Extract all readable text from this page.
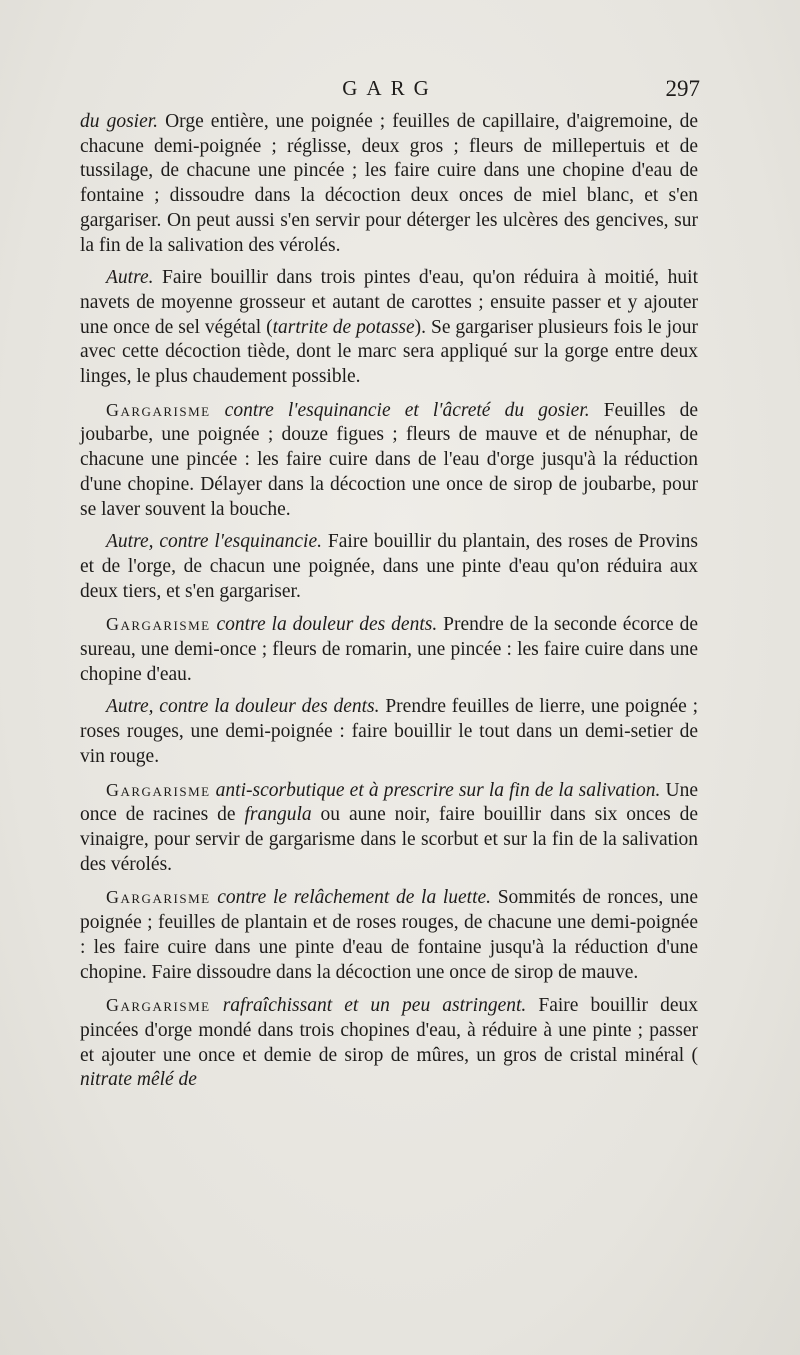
GARG	297

du gosier. Orge entière, une poignée ; feuilles de capillaire, d'aigremoine, de chacune demi-poignée ; réglisse, deux gros ; fleurs de millepertuis et de tussilage, de chacune une pincée ; les faire cuire dans une chopine d'eau de fontaine ; dissoudre dans la décoction deux onces de miel blanc, et s'en gargariser. On peut aussi s'en servir pour déterger les ulcères des gencives, sur la fin de la salivation des vérolés.

Autre. Faire bouillir dans trois pintes d'eau, qu'on réduira à moitié, huit navets de moyenne grosseur et autant de carottes ; ensuite passer et y ajouter une once de sel végétal (tartrite de potasse). Se gargariser plusieurs fois le jour avec cette décoction tiède, dont le marc sera appliqué sur la gorge entre deux linges, le plus chaudement possible.

Gargarisme contre l'esquinancie et l'âcreté du gosier. Feuilles de joubarbe, une poignée ; douze figues ; fleurs de mauve et de nénuphar, de chacune une pincée : les faire cuire dans de l'eau d'orge jusqu'à la réduction d'une chopine. Délayer dans la décoction une once de sirop de joubarbe, pour se laver souvent la bouche.

Autre, contre l'esquinancie. Faire bouillir du plantain, des roses de Provins et de l'orge, de chacun une poignée, dans une pinte d'eau qu'on réduira aux deux tiers, et s'en gargariser.

Gargarisme contre la douleur des dents. Prendre de la seconde écorce de sureau, une demi-once ; fleurs de romarin, une pincée : les faire cuire dans une chopine d'eau.

Autre, contre la douleur des dents. Prendre feuilles de lierre, une poignée ; roses rouges, une demi-poignée : faire bouillir le tout dans un demi-setier de vin rouge.

Gargarisme anti-scorbutique et à prescrire sur la fin de la salivation. Une once de racines de frangula ou aune noir, faire bouillir dans six onces de vinaigre, pour servir de gargarisme dans le scorbut et sur la fin de la salivation des vérolés.

Gargarisme contre le relâchement de la luette. Sommités de ronces, une poignée ; feuilles de plantain et de roses rouges, de chacune une demi-poignée : les faire cuire dans une pinte d'eau de fontaine jusqu'à la réduction d'une chopine. Faire dissoudre dans la décoction une once de sirop de mauve.

Gargarisme rafraîchissant et un peu astringent. Faire bouillir deux pincées d'orge mondé dans trois chopines d'eau, à réduire à une pinte ; passer et ajouter une once et demie de sirop de mûres, un gros de cristal minéral ( nitrate mêlé de
